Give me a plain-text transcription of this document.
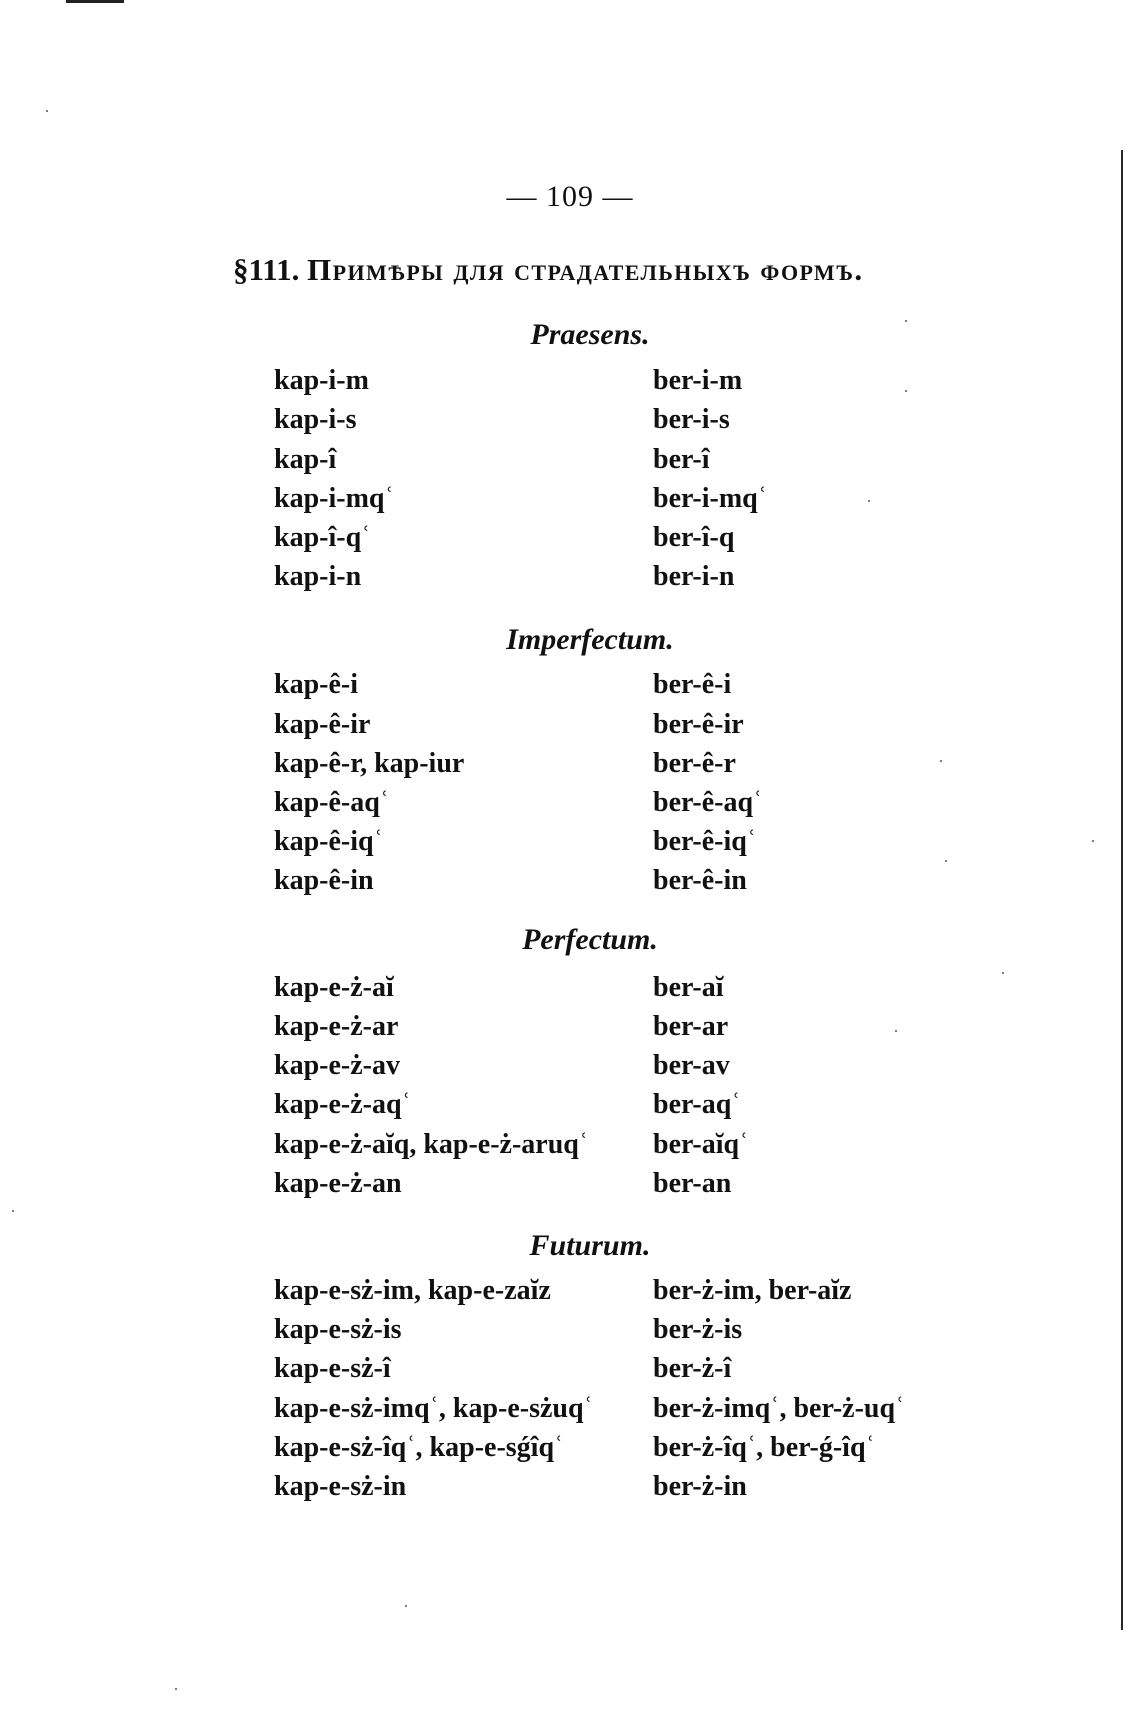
— 109 —
§111. Примѣры для страдательныхъ формъ.
Praesens.
kap-i-m	ber-i-m
kap-i-s	ber-i-s
kap-î	ber-î
kap-i-mqʿ	ber-i-mqʿ
kap-î-qʿ	ber-î-q
kap-i-n	ber-i-n
Imperfectum.
kap-ê-i	ber-ê-i
kap-ê-ir	ber-ê-ir
kap-ê-r, kap-iur	ber-ê-r
kap-ê-aqʿ	ber-ê-aqʿ
kap-ê-iqʿ	ber-ê-iqʿ
kap-ê-in	ber-ê-in
Perfectum.
kap-e-ż-aĭ	ber-aĭ
kap-e-ż-ar	ber-ar
kap-e-ż-av	ber-av
kap-e-ż-aqʿ	ber-aqʿ
kap-e-ż-aĭq, kap-e-ż-aruqʿ ber-aĭqʿ
kap-e-ż-an	ber-an
Futurum.
kap-e-sż-im, kap-e-zaĭz	ber-ż-im, ber-aĭz
kap-e-sż-is	ber-ż-is
kap-e-sż-î	ber-ż-î
kap-e-sż-imqʿ, kap-e-sżuqʿ ber-ż-imqʿ, ber-ż-uqʿ
kap-e-sż-îqʿ, kap-e-sǵîqʿ	ber-ż-îqʿ, ber-ǵ-îqʿ
kap-e-sż-in	ber-ż-in
